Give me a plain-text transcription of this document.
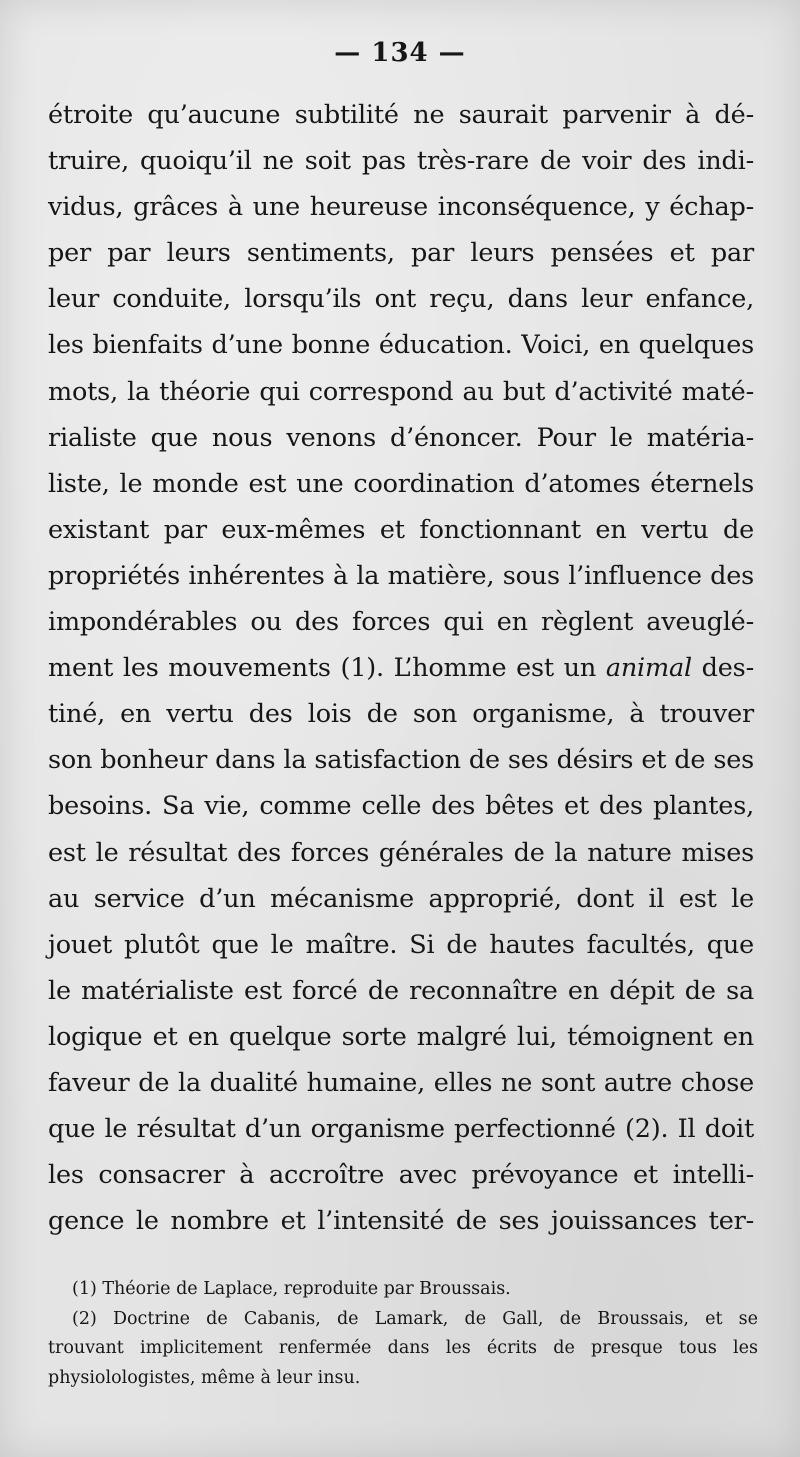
— 134 —
étroite qu’aucune subtilité ne saurait parvenir à dé-
truire, quoiqu’il ne soit pas très-rare de voir des indi-
vidus, grâces à une heureuse inconséquence, y échap-
per par leurs sentiments, par leurs pensées et par
leur conduite, lorsqu’ils ont reçu, dans leur enfance,
les bienfaits d’une bonne éducation. Voici, en quelques
mots, la théorie qui correspond au but d’activité maté-
rialiste que nous venons d’énoncer. Pour le matéria-
liste, le monde est une coordination d’atomes éternels
existant par eux-mêmes et fonctionnant en vertu de
propriétés inhérentes à la matière, sous l’influence des
impondérables ou des forces qui en règlent aveuglé-
ment les mouvements (1). L’homme est un animal des-
tiné, en vertu des lois de son organisme, à trouver
son bonheur dans la satisfaction de ses désirs et de ses
besoins. Sa vie, comme celle des bêtes et des plantes,
est le résultat des forces générales de la nature mises
au service d’un mécanisme approprié, dont il est le
jouet plutôt que le maître. Si de hautes facultés, que
le matérialiste est forcé de reconnaître en dépit de sa
logique et en quelque sorte malgré lui, témoignent en
faveur de la dualité humaine, elles ne sont autre chose
que le résultat d’un organisme perfectionné (2). Il doit
les consacrer à accroître avec prévoyance et intelli-
gence le nombre et l’intensité de ses jouissances ter-
(1) Théorie de Laplace, reproduite par Broussais.
(2) Doctrine de Cabanis, de Lamark, de Gall, de Broussais, et se
trouvant implicitement renfermée dans les écrits de presque tous les
physiolologistes, même à leur insu.
